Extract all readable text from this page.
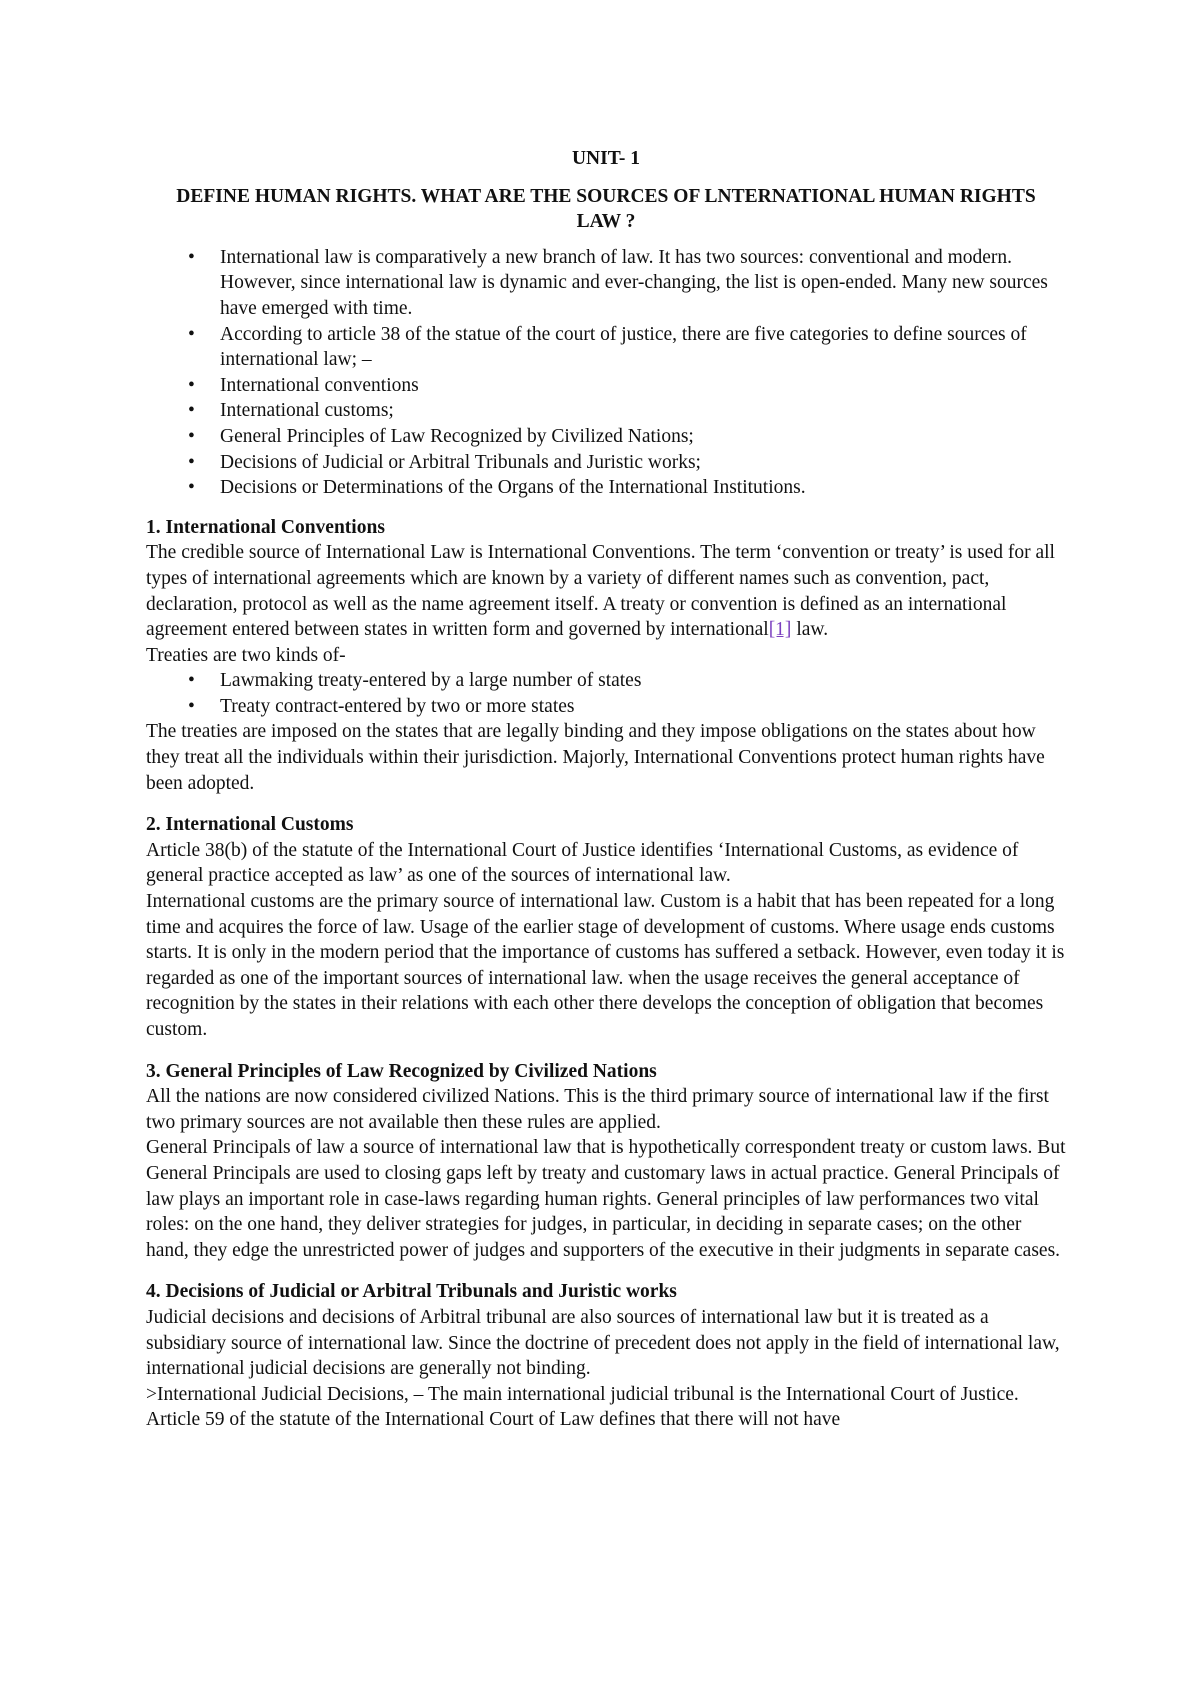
UNIT- 1

DEFINE HUMAN RIGHTS. WHAT ARE THE SOURCES OF LNTERNATIONAL HUMAN RIGHTS LAW ?

• International law is comparatively a new branch of law. It has two sources: conventional and modern. However, since international law is dynamic and ever-changing, the list is open-ended. Many new sources have emerged with time.
• According to article 38 of the statue of the court of justice, there are five categories to define sources of international law; –
• International conventions
• International customs;
• General Principles of Law Recognized by Civilized Nations;
• Decisions of Judicial or Arbitral Tribunals and Juristic works;
• Decisions or Determinations of the Organs of the International Institutions.

1. International Conventions

The credible source of International Law is International Conventions. The term ‘convention or treaty’ is used for all types of international agreements which are known by a variety of different names such as convention, pact, declaration, protocol as well as the name agreement itself. A treaty or convention is defined as an international agreement entered between states in written form and governed by international[1] law.

Treaties are two kinds of-

• Lawmaking treaty-entered by a large number of states
• Treaty contract-entered by two or more states

The treaties are imposed on the states that are legally binding and they impose obligations on the states about how they treat all the individuals within their jurisdiction. Majorly, International Conventions protect human rights have been adopted.

2. International Customs

Article 38(b) of the statute of the International Court of Justice identifies ‘International Customs, as evidence of general practice accepted as law’ as one of the sources of international law.

International customs are the primary source of international law. Custom is a habit that has been repeated for a long time and acquires the force of law. Usage of the earlier stage of development of customs. Where usage ends customs starts. It is only in the modern period that the importance of customs has suffered a setback. However, even today it is regarded as one of the important sources of international law. when the usage receives the general acceptance of recognition by the states in their relations with each other there develops the conception of obligation that becomes custom.

3. General Principles of Law Recognized by Civilized Nations

All the nations are now considered civilized Nations. This is the third primary source of international law if the first two primary sources are not available then these rules are applied.

General Principals of law a source of international law that is hypothetically correspondent treaty or custom laws. But General Principals are used to closing gaps left by treaty and customary laws in actual practice. General Principals of law plays an important role in case-laws regarding human rights. General principles of law performances two vital roles: on the one hand, they deliver strategies for judges, in particular, in deciding in separate cases; on the other hand, they edge the unrestricted power of judges and supporters of the executive in their judgments in separate cases.

4. Decisions of Judicial or Arbitral Tribunals and Juristic works

Judicial decisions and decisions of Arbitral tribunal are also sources of international law but it is treated as a subsidiary source of international law. Since the doctrine of precedent does not apply in the field of international law, international judicial decisions are generally not binding.

>International Judicial Decisions, – The main international judicial tribunal is the International Court of Justice. Article 59 of the statute of the International Court of Law defines that there will not have
